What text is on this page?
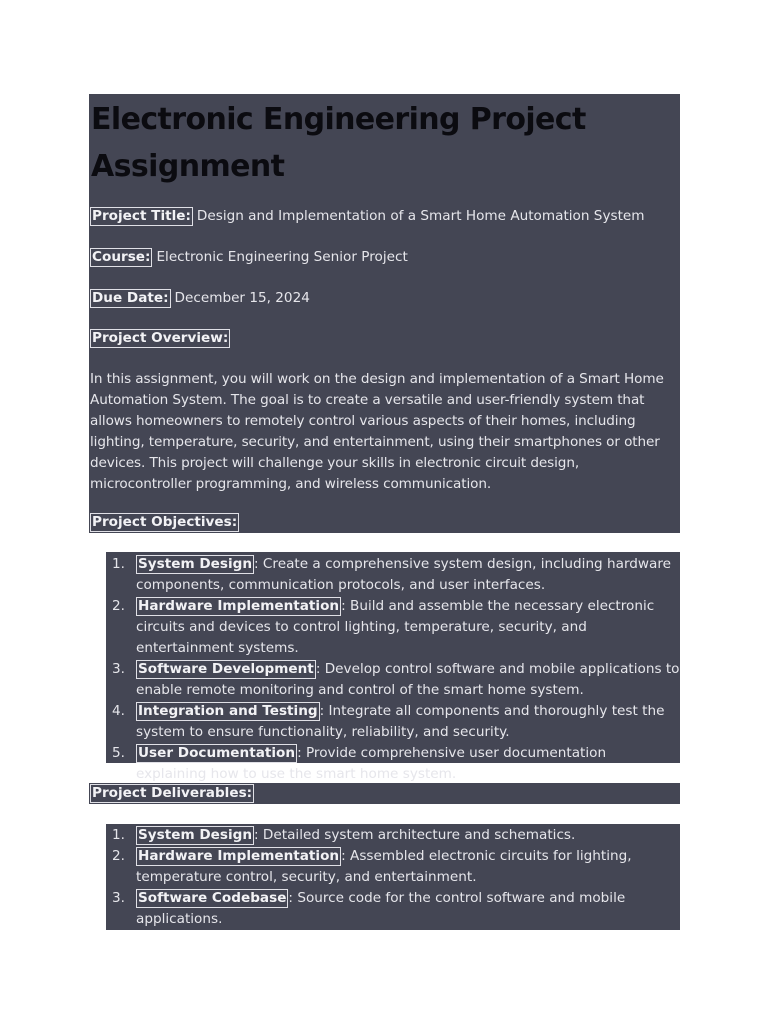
Electronic Engineering Project Assignment
Project Title: Design and Implementation of a Smart Home Automation System
Course: Electronic Engineering Senior Project
Due Date: December 15, 2024
Project Overview:
In this assignment, you will work on the design and implementation of a Smart Home Automation System. The goal is to create a versatile and user-friendly system that allows homeowners to remotely control various aspects of their homes, including lighting, temperature, security, and entertainment, using their smartphones or other devices. This project will challenge your skills in electronic circuit design, microcontroller programming, and wireless communication.
Project Objectives:
1. System Design : Create a comprehensive system design, including hardware components, communication protocols, and user interfaces.
2. Hardware Implementation : Build and assemble the necessary electronic circuits and devices to control lighting, temperature, security, and entertainment systems.
3. Software Development : Develop control software and mobile applications to enable remote monitoring and control of the smart home system.
4. Integration and Testing : Integrate all components and thoroughly test the system to ensure functionality, reliability, and security.
5. User Documentation : Provide comprehensive user documentation explaining how to use the smart home system.
Project Deliverables:
1. System Design : Detailed system architecture and schematics.
2. Hardware Implementation : Assembled electronic circuits for lighting, temperature control, security, and entertainment.
3. Software Codebase : Source code for the control software and mobile applications.
